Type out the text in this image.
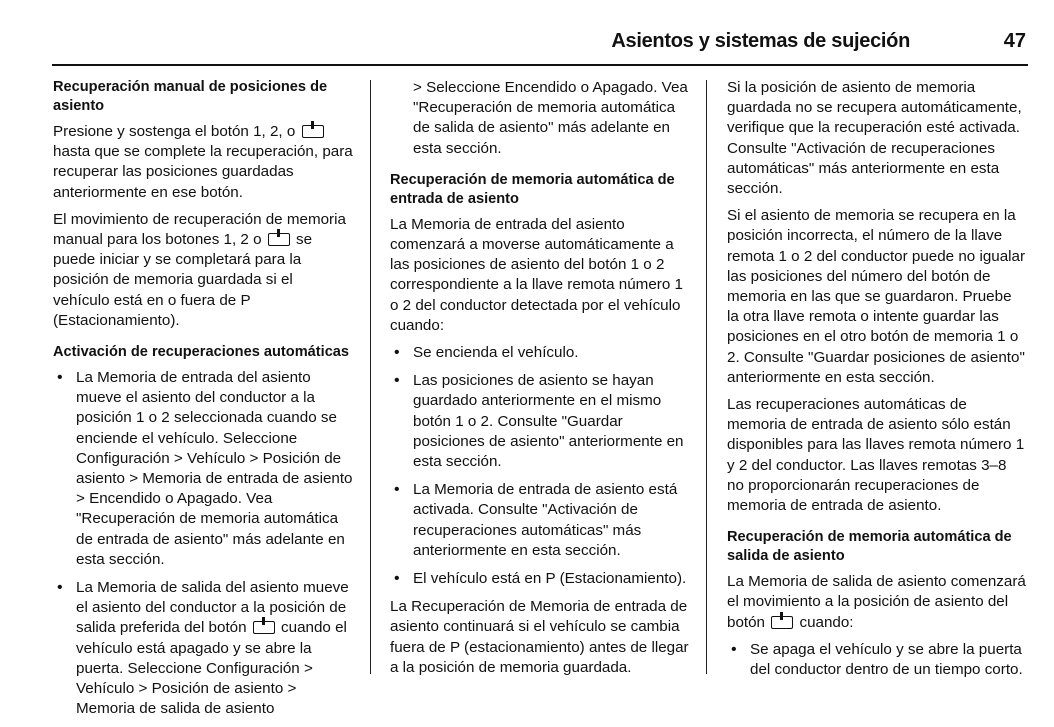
Asientos y sistemas de sujeción	47
Recuperación manual de posiciones de asiento

Presione y sostenga el botón 1, 2, o  hasta que se complete la recuperación, para recuperar las posiciones guardadas anteriormente en ese botón.

El movimiento de recuperación de memoria manual para los botones 1, 2 o se puede iniciar y se completará para la posición de memoria guardada si el vehículo está en o fuera de P (Estacionamiento).

Activación de recuperaciones automáticas
• La Memoria de entrada del asiento mueve el asiento del conductor a la posición 1 o 2 seleccionada cuando se enciende el vehículo. Seleccione Configuración > Vehículo > Posición de asiento > Memoria de entrada de asiento > Encendido o Apagado. Vea "Recuperación de memoria automática de entrada de asiento" más adelante en esta sección.
• La Memoria de salida del asiento mueve el asiento del conductor a la posición de salida preferida del botón cuando el vehículo está apagado y se abre la puerta. Seleccione Configuración > Vehículo > Posición de asiento > Memoria de salida de asiento

> Seleccione Encendido o Apagado. Vea "Recuperación de memoria automática de salida de asiento" más adelante en esta sección.

Recuperación de memoria automática de entrada de asiento

La Memoria de entrada del asiento comenzará a moverse automáticamente a las posiciones de asiento del botón 1 o 2 correspondiente a la llave remota número 1 o 2 del conductor detectada por el vehículo cuando:

• Se encienda el vehículo.
• Las posiciones de asiento se hayan guardado anteriormente en el mismo botón 1 o 2. Consulte "Guardar posiciones de asiento" anteriormente en esta sección.
• La Memoria de entrada de asiento está activada. Consulte "Activación de recuperaciones automáticas" más anteriormente en esta sección.
• El vehículo está en P (Estacionamiento).

La Recuperación de Memoria de entrada de asiento continuará si el vehículo se cambia fuera de P (estacionamiento) antes de llegar a la posición de memoria guardada.

Si la posición de asiento de memoria guardada no se recupera automáticamente, verifique que la recuperación esté activada. Consulte "Activación de recuperaciones automáticas" más anteriormente en esta sección.

Si el asiento de memoria se recupera en la posición incorrecta, el número de la llave remota 1 o 2 del conductor puede no igualar las posiciones del número del botón de memoria en las que se guardaron. Pruebe la otra llave remota o intente guardar las posiciones en el otro botón de memoria 1 o 2. Consulte "Guardar posiciones de asiento" anteriormente en esta sección.

Las recuperaciones automáticas de memoria de entrada de asiento sólo están disponibles para las llaves remota número 1 y 2 del conductor. Las llaves remotas 3–8 no proporcionarán recuperaciones de memoria de entrada de asiento.

Recuperación de memoria automática de salida de asiento

La Memoria de salida de asiento comenzará el movimiento a la posición de asiento del botón cuando:

• Se apaga el vehículo y se abre la puerta del conductor dentro de un tiempo corto.
